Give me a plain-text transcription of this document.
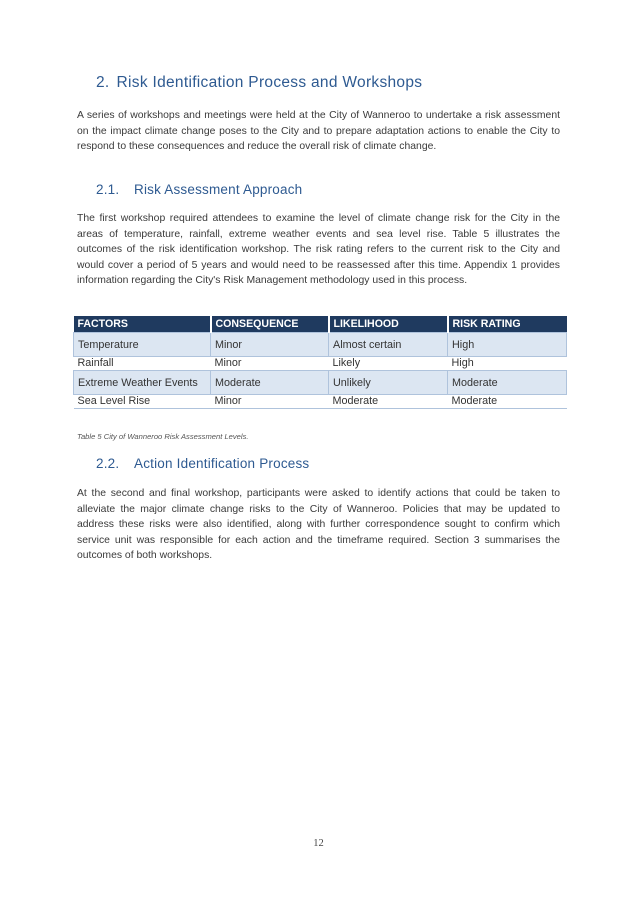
2. Risk Identification Process and Workshops

A series of workshops and meetings were held at the City of Wanneroo to undertake a risk assessment on the impact climate change poses to the City and to prepare adaptation actions to enable the City to respond to these consequences and reduce the overall risk of climate change.

2.1. Risk Assessment Approach

The first workshop required attendees to examine the level of climate change risk for the City in the areas of temperature, rainfall, extreme weather events and sea level rise. Table 5 illustrates the outcomes of the risk identification workshop. The risk rating refers to the current risk to the City and would cover a period of 5 years and would need to be reassessed after this time. Appendix 1 provides information regarding the City's Risk Management methodology used in this process.

FACTORS	CONSEQUENCE	LIKELIHOOD	RISK RATING
Temperature	Minor	Almost certain	High
Rainfall	Minor	Likely	High
Extreme Weather Events	Moderate	Unlikely	Moderate
Sea Level Rise	Minor	Moderate	Moderate

Table 5 City of Wanneroo Risk Assessment Levels.

2.2. Action Identification Process

At the second and final workshop, participants were asked to identify actions that could be taken to alleviate the major climate change risks to the City of Wanneroo. Policies that may be updated to address these risks were also identified, along with further correspondence sought to confirm which service unit was responsible for each action and the timeframe required. Section 3 summarises the outcomes of both workshops.

12
